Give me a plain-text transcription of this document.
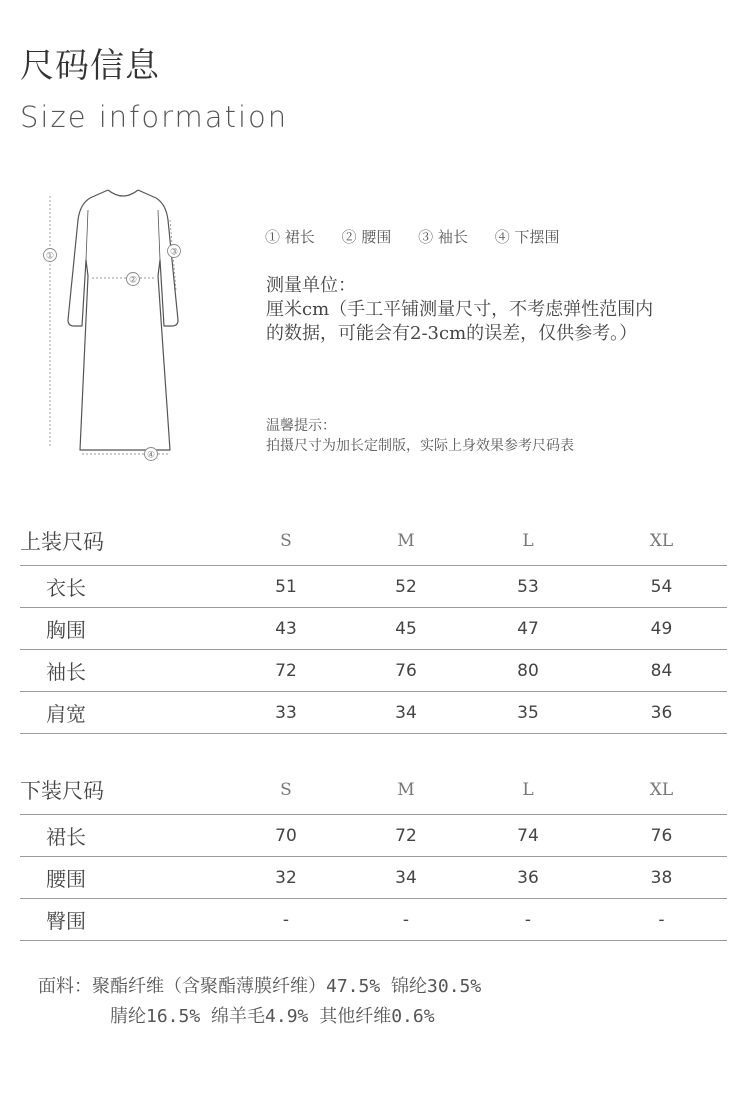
尺码信息
Size information
①
②
③
④
① 裙长 ② 腰围 ③ 袖长 ④ 下摆围
测量单位：
厘米cm（手工平铺测量尺寸，不考虑弹性范围内
的数据，可能会有2-3cm的误差，仅供参考。）
温馨提示：
拍摄尺寸为加长定制版，实际上身效果参考尺码表
上装尺码	S	M	L	XL
衣长	51	52	53	54
胸围	43	45	47	49
袖长	72	76	80	84
肩宽	33	34	35	36
下装尺码	S	M	L	XL
裙长	70	72	74	76
腰围	32	34	36	38
臀围	-	-	-	-
面料：聚酯纤维（含聚酯薄膜纤维）47.5% 锦纶30.5%
腈纶16.5% 绵羊毛4.9% 其他纤维0.6%
